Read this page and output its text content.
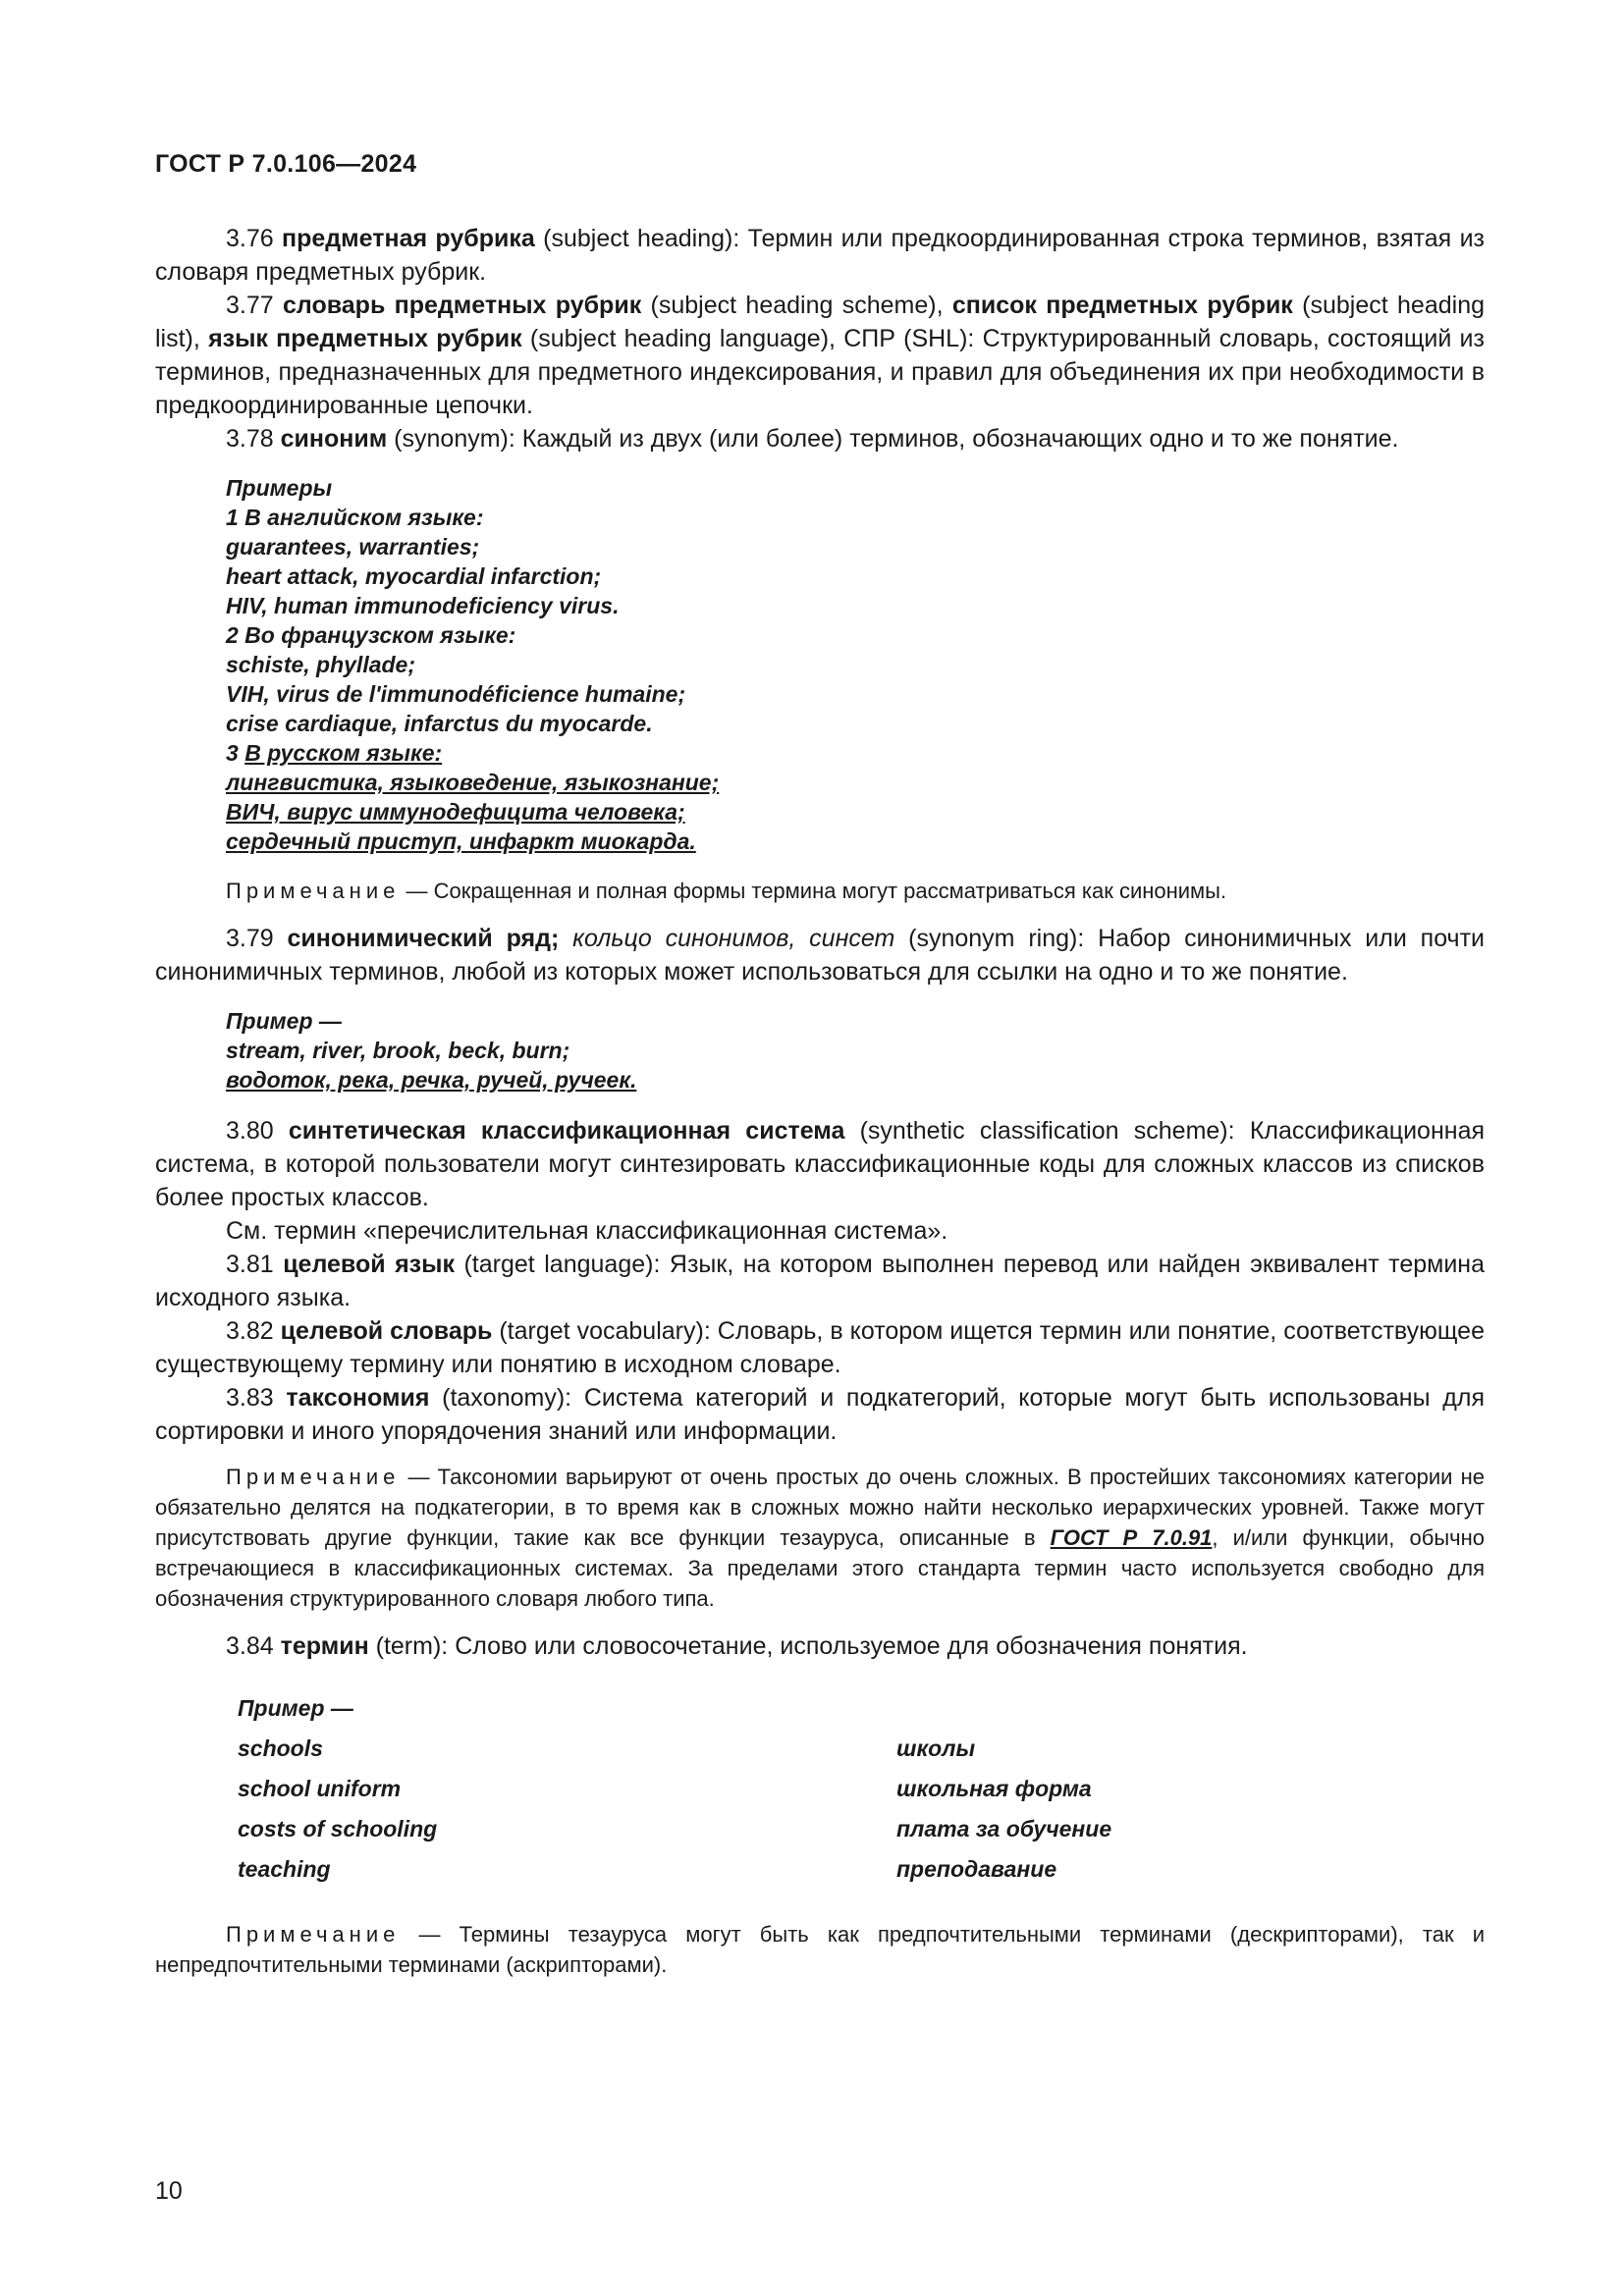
ГОСТ Р 7.0.106—2024

3.76 предметная рубрика (subject heading): Термин или предкоординированная строка терминов, взятая из словаря предметных рубрик.

3.77 словарь предметных рубрик (subject heading scheme), список предметных рубрик (subject heading list), язык предметных рубрик (subject heading language), СПР (SHL): Структурированный словарь, состоящий из терминов, предназначенных для предметного индексирования, и правил для объединения их при необходимости в предкоординированные цепочки.

3.78 синоним (synonym): Каждый из двух (или более) терминов, обозначающих одно и то же понятие.

Примеры
1 В английском языке:
guarantees, warranties;
heart attack, myocardial infarction;
HIV, human immunodeficiency virus.
2 Во французском языке:
schiste, phyllade;
VIH, virus de l'immunodéficience humaine;
crise cardiaque, infarctus du myocarde.
3 В русском языке:
лингвистика, языковедение, языкознание;
ВИЧ, вирус иммунодефицита человека;
сердечный приступ, инфаркт миокарда.

Примечание — Сокращенная и полная формы термина могут рассматриваться как синонимы.

3.79 синонимический ряд; кольцо синонимов, синсет (synonym ring): Набор синонимичных или почти синонимичных терминов, любой из которых может использоваться для ссылки на одно и то же понятие.

Пример —
stream, river, brook, beck, burn;
водоток, река, речка, ручей, ручеек.

3.80 синтетическая классификационная система (synthetic classification scheme): Классификационная система, в которой пользователи могут синтезировать классификационные коды для сложных классов из списков более простых классов.

См. термин «перечислительная классификационная система».

3.81 целевой язык (target language): Язык, на котором выполнен перевод или найден эквивалент термина исходного языка.

3.82 целевой словарь (target vocabulary): Словарь, в котором ищется термин или понятие, соответствующее существующему термину или понятию в исходном словаре.

3.83 таксономия (taxonomy): Система категорий и подкатегорий, которые могут быть использованы для сортировки и иного упорядочения знаний или информации.

Примечание — Таксономии варьируют от очень простых до очень сложных. В простейших таксономиях категории не обязательно делятся на подкатегории, в то время как в сложных можно найти несколько иерархических уровней. Также могут присутствовать другие функции, такие как все функции тезауруса, описанные в ГОСТ Р 7.0.91, и/или функции, обычно встречающиеся в классификационных системах. За пределами этого стандарта термин часто используется свободно для обозначения структурированного словаря любого типа.

3.84 термин (term): Слово или словосочетание, используемое для обозначения понятия.

Пример —
schools	школы
school uniform	школьная форма
costs of schooling	плата за обучение
teaching	преподавание

Примечание — Термины тезауруса могут быть как предпочтительными терминами (дескрипторами), так и непредпочтительными терминами (аскрипторами).

10
